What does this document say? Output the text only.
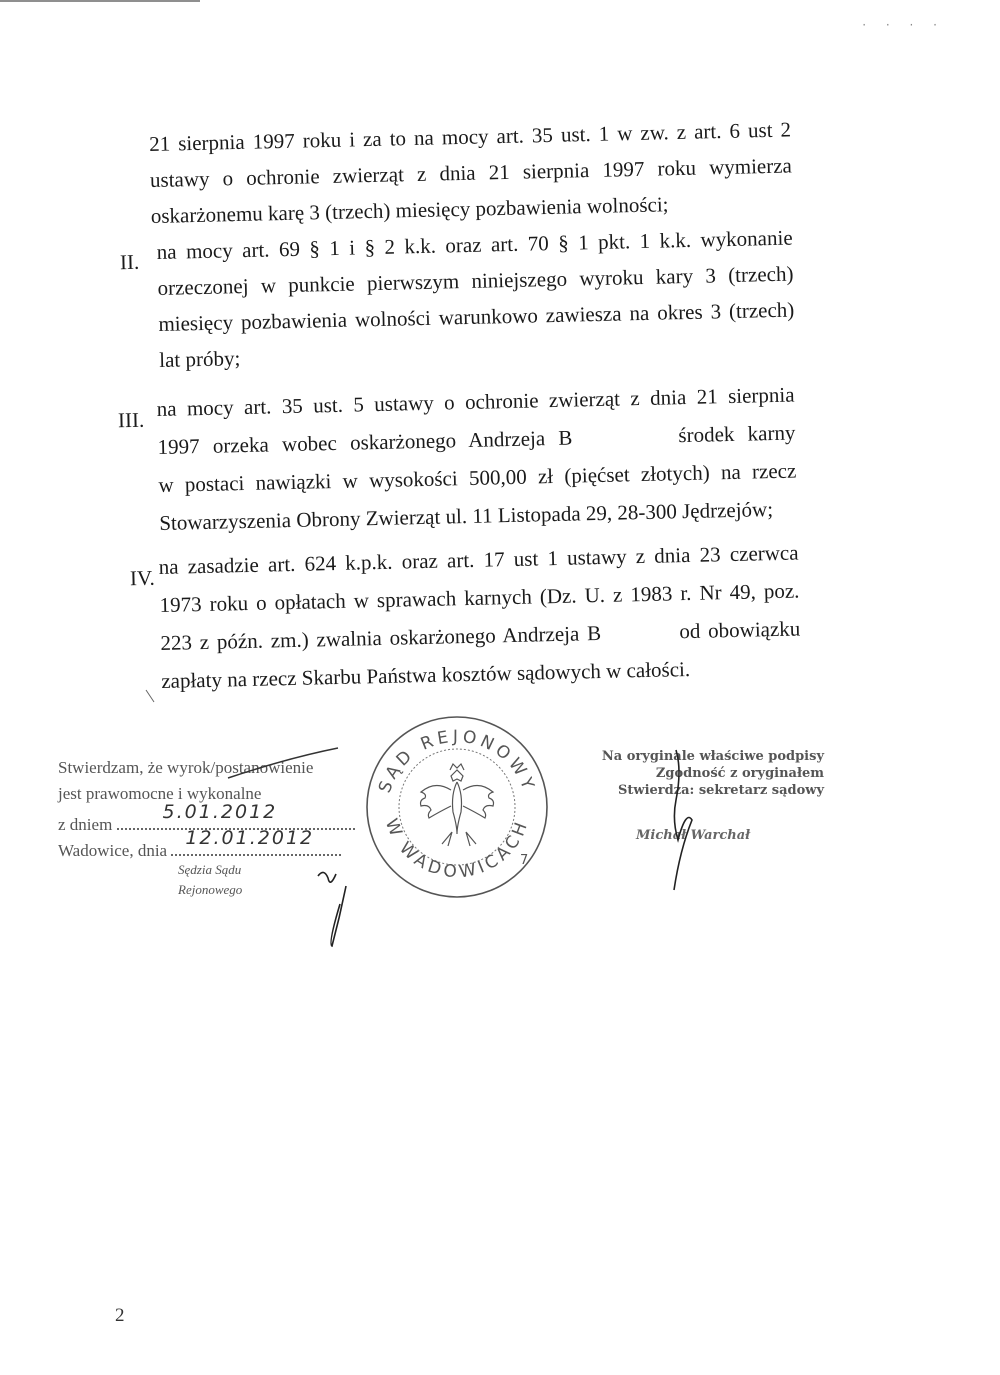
· · · ·
21 sierpnia 1997 roku i za to na mocy art. 35 ust. 1 w zw. z art. 6 ust 2
ustawy o ochronie zwierząt z dnia 21 sierpnia 1997 roku wymierza
oskarżonemu karę 3 (trzech) miesięcy pozbawienia wolności;
II. na mocy art. 69 § 1 i § 2 k.k. oraz art. 70 § 1 pkt. 1 k.k. wykonanie
orzeczonej w punkcie pierwszym niniejszego wyroku kary 3 (trzech)
miesięcy pozbawienia wolności warunkowo zawiesza na okres 3 (trzech)
lat próby;
III. na mocy art. 35 ust. 5 ustawy o ochronie zwierząt z dnia 21 sierpnia
1997 orzeka wobec oskarżonego Andrzeja B        środek karny
w postaci nawiązki w wysokości 500,00 zł (pięćset złotych) na rzecz
Stowarzyszenia Obrony Zwierząt ul. 11 Listopada 29, 28-300 Jędrzejów;
IV. na zasadzie art. 624 k.p.k. oraz art. 17 ust 1 ustawy z dnia 23 czerwca
1973 roku o opłatach w sprawach karnych (Dz. U. z 1983 r. Nr 49, poz.
223 z późn. zm.) zwalnia oskarżonego Andrzeja B          od obowiązku
zapłaty na rzecz Skarbu Państwa kosztów sądowych w całości.
SĄD REJONOWY
W WADOWICACH
7
Stwierdzam, że wyrok/postanowienie
jest prawomocne i wykonalne
z dniem
5.01.2012
Wadowice, dnia
12.01.2012
Sędzia Sądu Rejonowego
Na oryginale właściwe podpisy
Zgodność z oryginałem
Stwierdza: sekretarz sądowy
Michał Warchał
2
